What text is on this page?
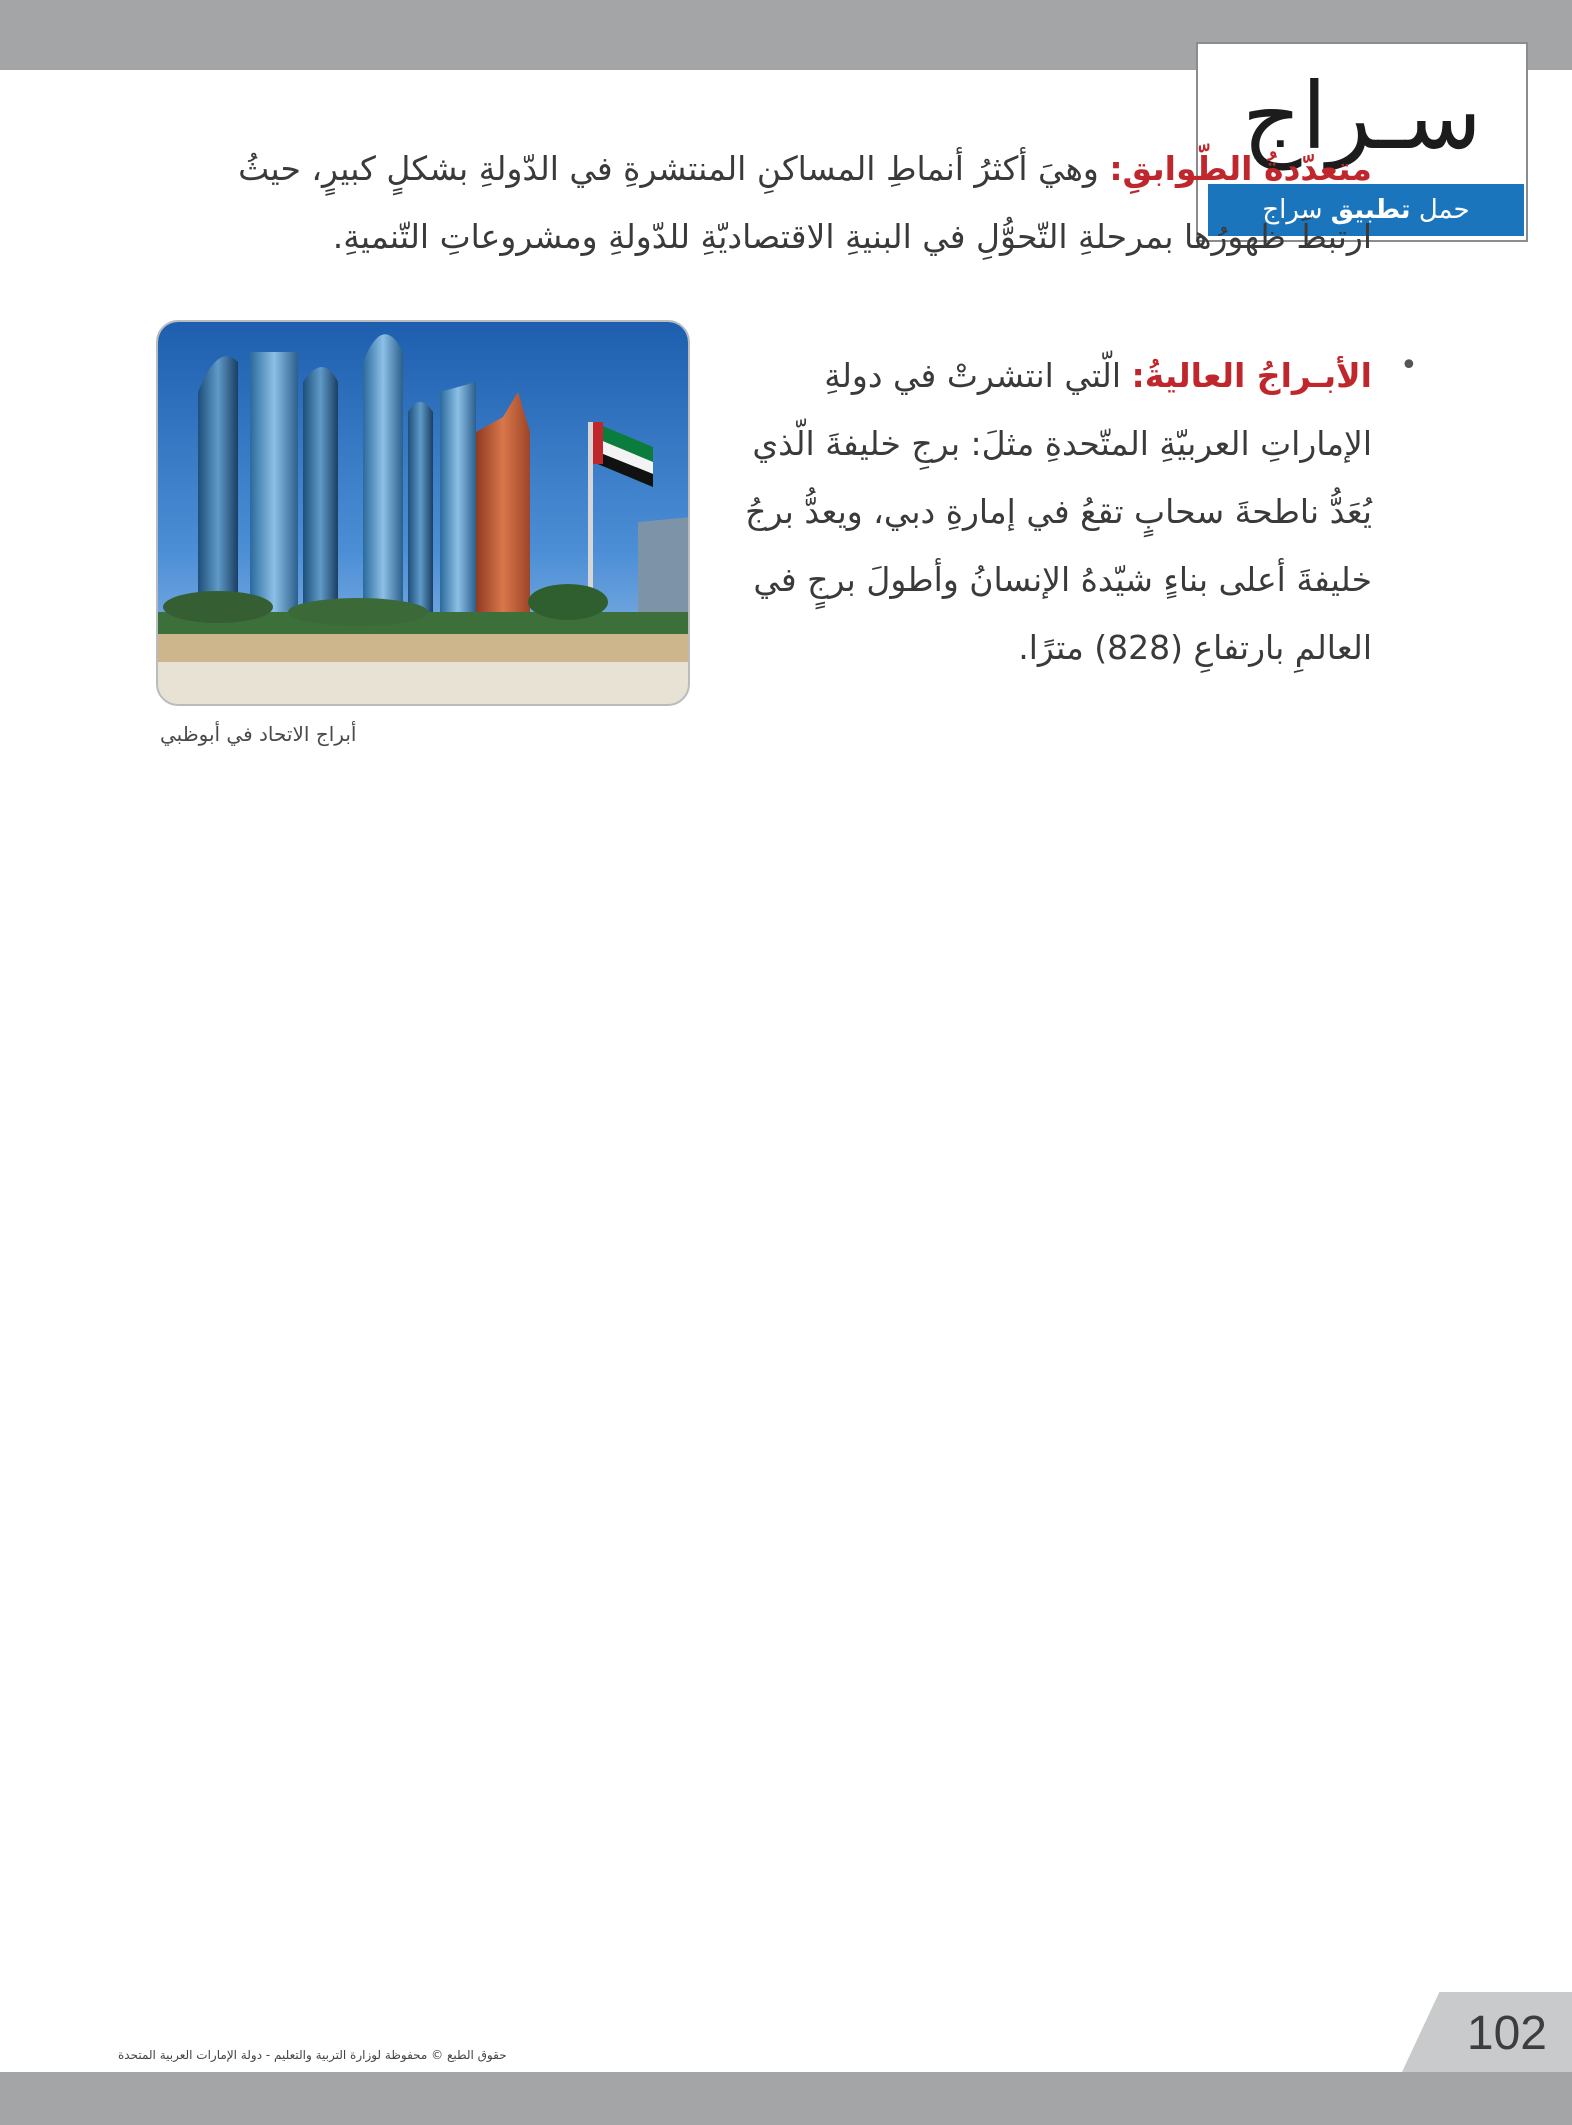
سـراج
حمل تطبيق سراج
متعدّدةُ الطّوابقِ: وهيَ أكثرُ أنماطِ المساكنِ المنتشرةِ في الدّولةِ بشكلٍ كبيرٍ، حيثُ ارتبطَ ظهورُها بمرحلةِ التّحوُّلِ في البنيةِ الاقتصاديّةِ للدّولةِ ومشروعاتِ التّنميةِ.
•
الأبـراجُ العاليةُ: الّتي انتشرتْ في دولةِ الإماراتِ العربيّةِ المتّحدةِ مثلَ: برجِ خليفةَ الّذي يُعَدُّ ناطحةَ سحابٍ تقعُ في إمارةِ دبي، ويعدُّ برجُ خليفةَ أعلى بناءٍ شيّدهُ الإنسانُ وأطولَ برجٍ في العالمِ بارتفاعِ (828) مترًا.
أبراج الاتحاد في أبوظبي
حقوق الطبع © محفوظة لوزارة التربية والتعليم - دولة الإمارات العربية المتحدة	102
